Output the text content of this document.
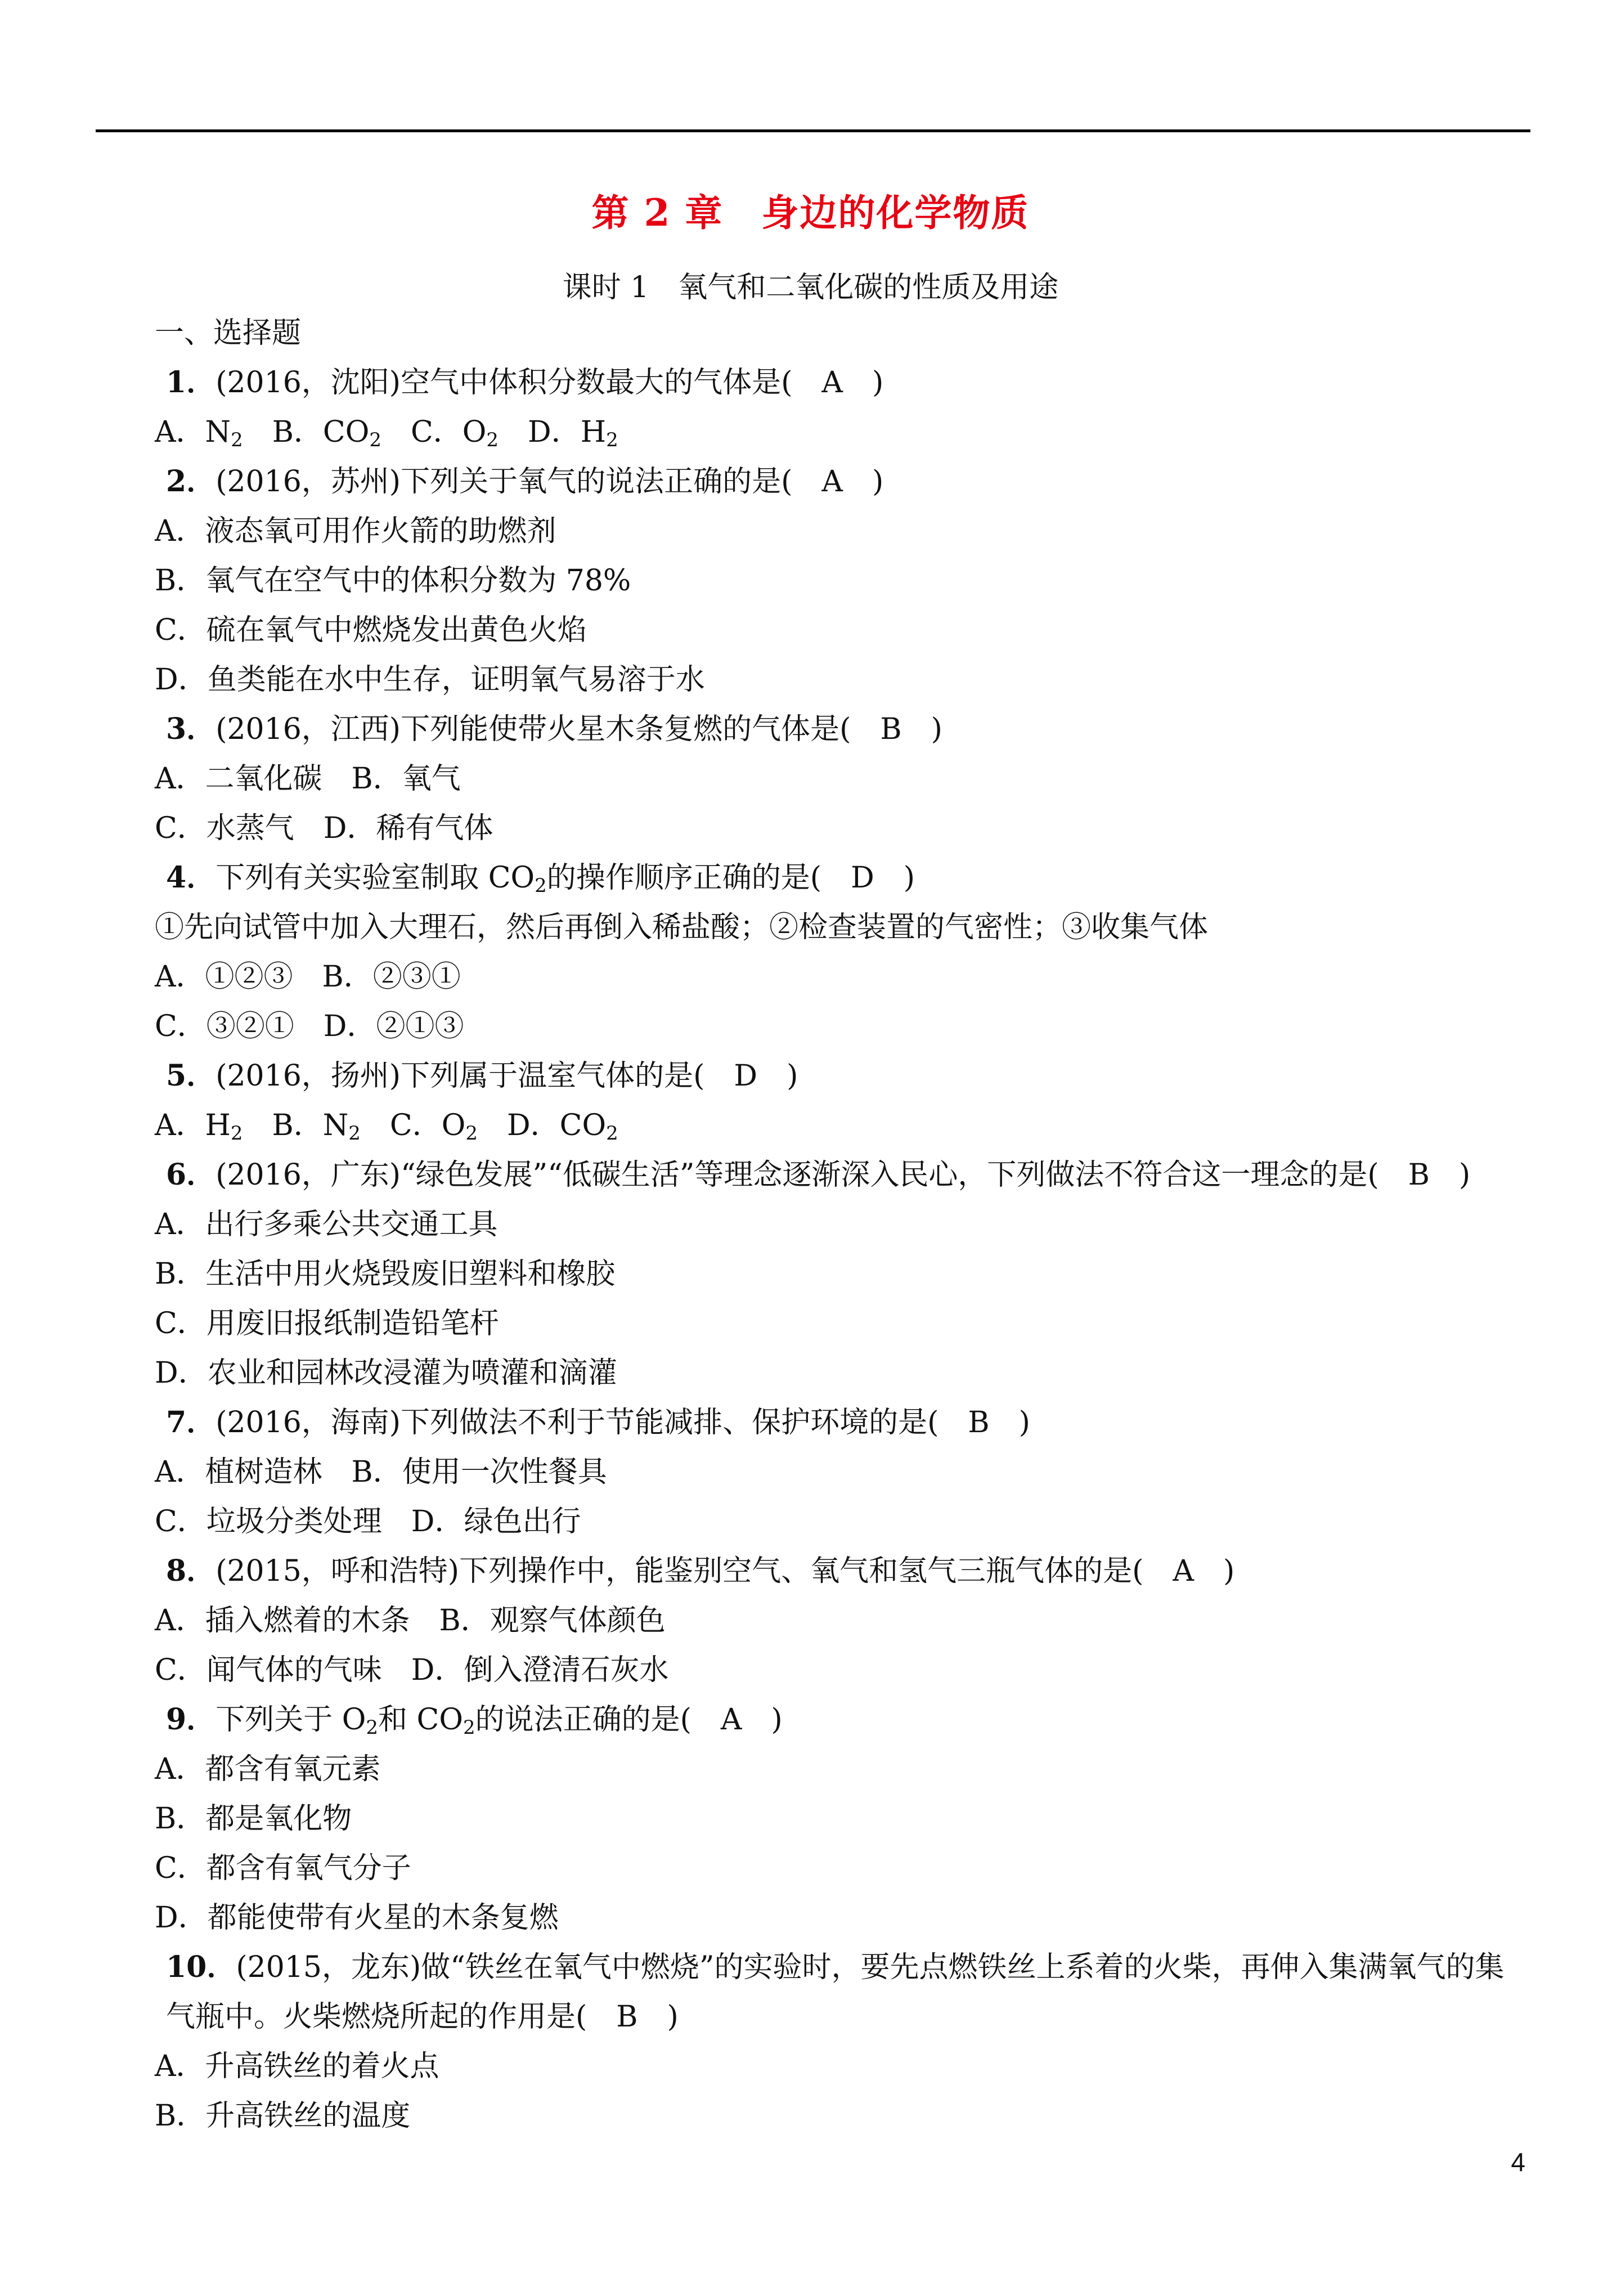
第 2 章　身边的化学物质
课时 1　氧气和二氧化碳的性质及用途
一、选择题
1．(2016，沈阳)空气中体积分数最大的气体是(　A　)
A．$N_2$　B．$CO_2$　C．$O_2$　D．$H_2$
2．(2016，苏州)下列关于氧气的说法正确的是(　A　)
A．液态氧可用作火箭的助燃剂
B．氧气在空气中的体积分数为 78%
C．硫在氧气中燃烧发出黄色火焰
D．鱼类能在水中生存，证明氧气易溶于水
3．(2016，江西)下列能使带火星木条复燃的气体是(　B　)
A．二氧化碳　B．氧气
C．水蒸气　D．稀有气体
4．下列有关实验室制取 $CO_2$的操作顺序正确的是(　D　)
①先向试管中加入大理石，然后再倒入稀盐酸；②检查装置的气密性；③收集气体
A．①②③　B．②③①
C．③②①　D．②①③
5．(2016，扬州)下列属于温室气体的是(　D　)
A．$H_2$　B．$N_2$　C．$O_2$　D．$CO_2$
6．(2016，广东)“绿色发展”“低碳生活”等理念逐渐深入民心，下列做法不符合这一理念的是(　B　)
A．出行多乘公共交通工具
B．生活中用火烧毁废旧塑料和橡胶
C．用废旧报纸制造铅笔杆
D．农业和园林改浸灌为喷灌和滴灌
7．(2016，海南)下列做法不利于节能减排、保护环境的是(　B　)
A．植树造林　B．使用一次性餐具
C．垃圾分类处理　D．绿色出行
8．(2015，呼和浩特)下列操作中，能鉴别空气、氧气和氢气三瓶气体的是(　A　)
A．插入燃着的木条　B．观察气体颜色
C．闻气体的气味　D．倒入澄清石灰水
9．下列关于 $O_2$和 $CO_2$的说法正确的是(　A　)
A．都含有氧元素
B．都是氧化物
C．都含有氧气分子
D．都能使带有火星的木条复燃
10．(2015，龙东)做“铁丝在氧气中燃烧”的实验时，要先点燃铁丝上系着的火柴，再伸入集满氧气的集气瓶中。火柴燃烧所起的作用是(　B　)
A．升高铁丝的着火点
B．升高铁丝的温度
4
